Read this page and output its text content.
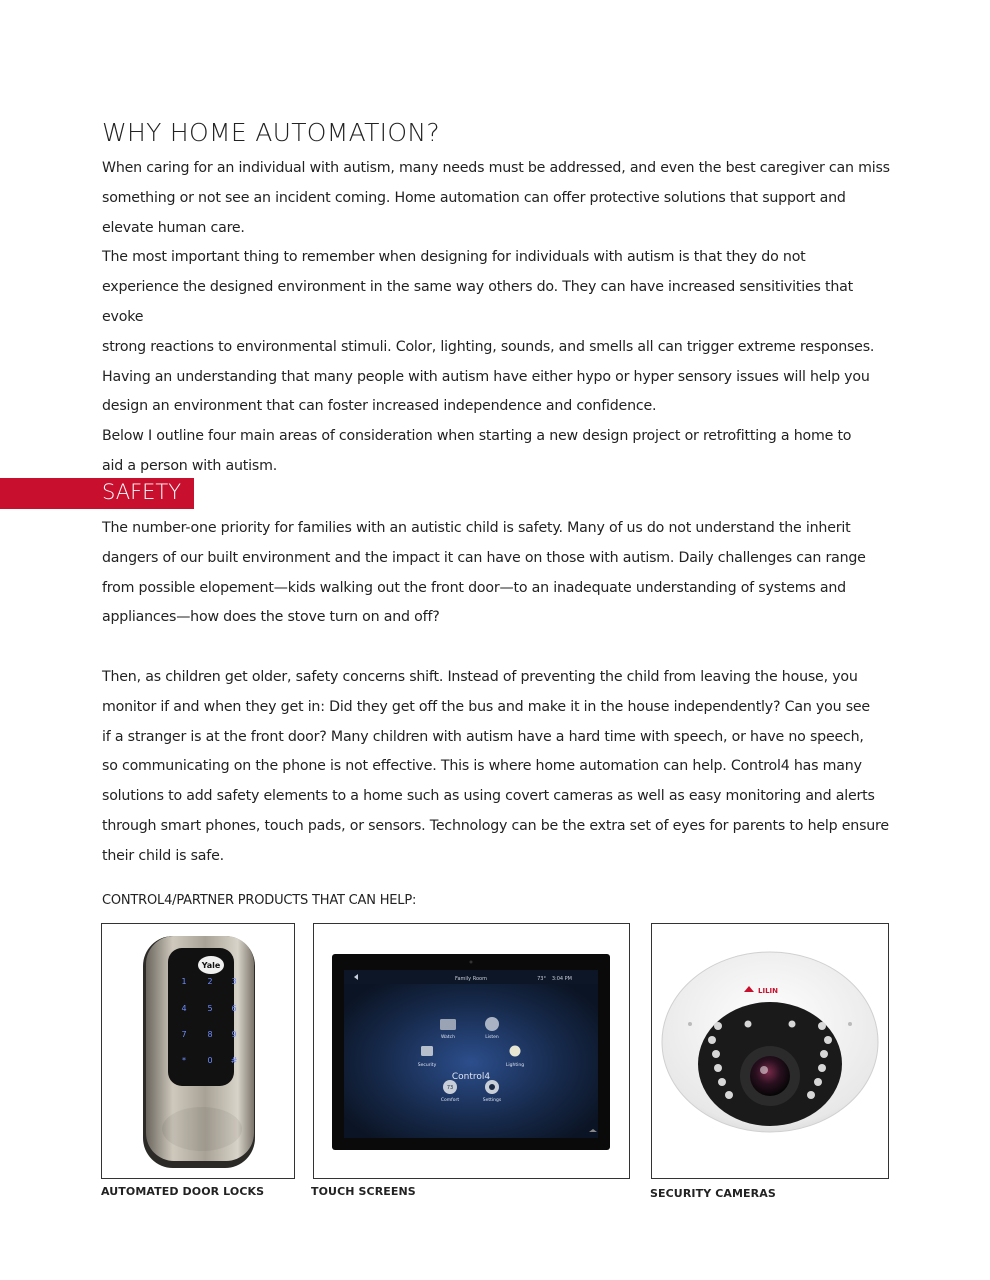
WHY HOME AUTOMATION?

When caring for an individual with autism, many needs must be addressed, and even the best caregiver can miss

something or not see an incident coming. Home automation can offer protective solutions that support and

elevate human care.

The most important thing to remember when designing for individuals with autism is that they do not

experience the designed environment in the same way others do. They can have increased sensitivities that evoke

strong reactions to environmental stimuli. Color, lighting, sounds, and smells all can trigger extreme responses.

Having an understanding that many people with autism have either hypo or hyper sensory issues will help you

design an environment that can foster increased independence and confidence.

Below I outline four main areas of consideration when starting a new design project or retrofitting a home to

aid a person with autism.

SAFETY

The number-one priority for families with an autistic child is safety. Many of us do not understand the inherit

dangers of our built environment and the impact it can have on those with autism. Daily challenges can range

from possible elopement—kids walking out the front door—to an inadequate understanding of systems and

appliances—how does the stove turn on and off?

Then, as children get older, safety concerns shift. Instead of preventing the child from leaving the house, you

monitor if and when they get in: Did they get off the bus and make it in the house independently? Can you see

if a stranger is at the front door? Many children with autism have a hard time with speech, or have no speech,

so communicating on the phone is not effective. This is where home automation can help. Control4 has many

solutions to add safety elements to a home such as using covert cameras as well as easy monitoring and alerts

through smart phones, touch pads, or sensors. Technology can be the extra set of eyes for parents to help ensure

their child is safe.

CONTROL4/PARTNER PRODUCTS THAT CAN HELP:
Yale
1	2 3
4	5 6
7	8 9
*	0 #
Family Room	73° 3:04 PM
Control4
Watch	Listen
Security	Lighting
73
Comfort	Settings
LILIN
AUTOMATED DOOR LOCKS	TOUCH SCREENS	SECURITY CAMERAS
